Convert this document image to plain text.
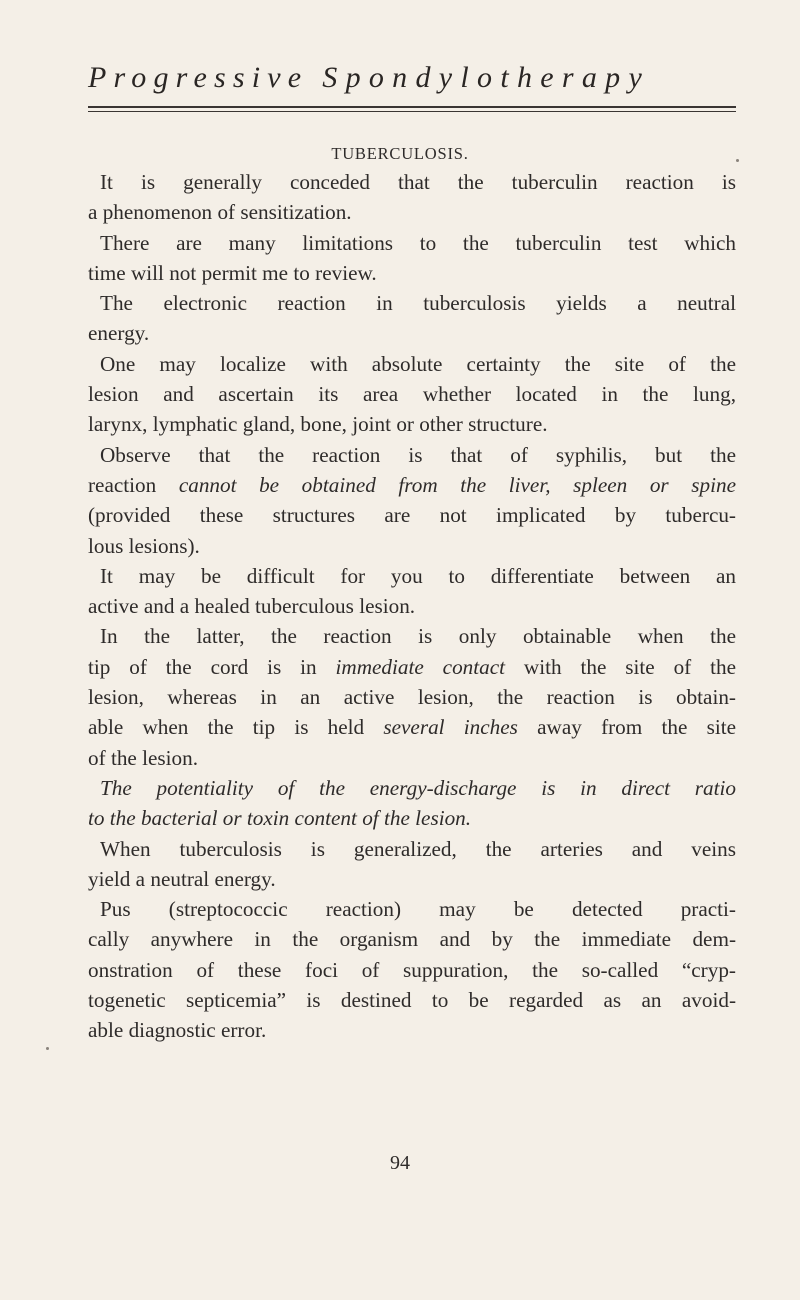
Progressive Spondylotherapy
TUBERCULOSIS.
It is generally conceded that the tuberculin reaction is
a phenomenon of sensitization.
There are many limitations to the tuberculin test which
time will not permit me to review.
The electronic reaction in tuberculosis yields a neutral
energy.
One may localize with absolute certainty the site of the
lesion and ascertain its area whether located in the lung,
larynx, lymphatic gland, bone, joint or other structure.
Observe that the reaction is that of syphilis, but the
reaction cannot be obtained from the liver, spleen or spine
(provided these structures are not implicated by tubercu-
lous lesions).
It may be difficult for you to differentiate between an
active and a healed tuberculous lesion.
In the latter, the reaction is only obtainable when the
tip of the cord is in immediate contact with the site of the
lesion, whereas in an active lesion, the reaction is obtain-
able when the tip is held several inches away from the site
of the lesion.
The potentiality of the energy-discharge is in direct ratio
to the bacterial or toxin content of the lesion.
When tuberculosis is generalized, the arteries and veins
yield a neutral energy.
Pus (streptococcic reaction) may be detected practi-
cally anywhere in the organism and by the immediate dem-
onstration of these foci of suppuration, the so-called “cryp-
togenetic septicemia” is destined to be regarded as an avoid-
able diagnostic error.
94
